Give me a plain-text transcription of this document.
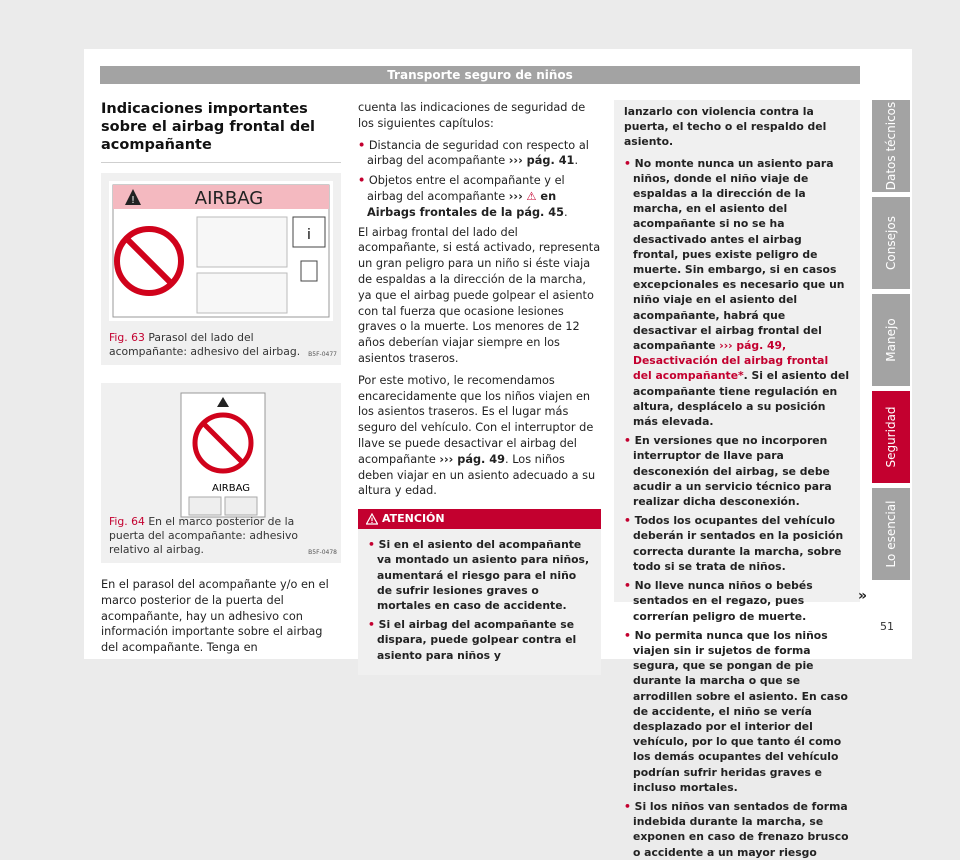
Transporte seguro de niños
Indicaciones importantes sobre el airbag frontal del acompañante
!	AIRBAG
i
B5F-0477
Fig. 63 Parasol del lado del acompañante: adhesivo del airbag.
AIRBAG
B5F-0478
Fig. 64 En el marco posterior de la puerta del acompañante: adhesivo relativo al airbag.

En el parasol del acompañante y/o en el marco posterior de la puerta del acompañante, hay un adhesivo con información importante sobre el airbag del acompañante. Tenga en

cuenta las indicaciones de seguridad de los siguientes capítulos:

• Distancia de seguridad con respecto al airbag del acompañante ››› pág. 41.
• Objetos entre el acompañante y el airbag del acompañante ››› ⚠ en Airbags frontales de la pág. 45.

El airbag frontal del lado del acompañante, si está activado, representa un gran peligro para un niño si éste viaja de espaldas a la dirección de la marcha, ya que el airbag puede golpear el asiento con tal fuerza que ocasione lesiones graves o la muerte. Los menores de 12 años deberían viajar siempre en los asientos traseros.

Por este motivo, le recomendamos encarecidamente que los niños viajen en los asientos traseros. Es el lugar más seguro del vehículo. Con el interruptor de llave se puede desactivar el airbag del acompañante ››› pág. 49. Los niños deben viajar en un asiento adecuado a su altura y edad.

ATENCIÓN
• Si en el asiento del acompañante va montado un asiento para niños, aumentará el riesgo para el niño de sufrir lesiones graves o mortales en caso de accidente.
• Si el airbag del acompañante se dispara, puede golpear contra el asiento para niños y

lanzarlo con violencia contra la puerta, el techo o el respaldo del asiento.

• No monte nunca un asiento para niños, donde el niño viaje de espaldas a la dirección de la marcha, en el asiento del acompañante si no se ha desactivado antes el airbag frontal, pues existe peligro de muerte. Sin embargo, si en casos excepcionales es necesario que un niño viaje en el asiento del acompañante, habrá que desactivar el airbag frontal del acompañante ››› pág. 49, Desactivación del airbag frontal del acompañante*. Si el asiento del acompañante tiene regulación en altura, desplácelo a su posición más elevada.
• En versiones que no incorporen interruptor de llave para desconexión del airbag, se debe acudir a un servicio técnico para realizar dicha desconexión.
• Todos los ocupantes del vehículo deberán ir sentados en la posición correcta durante la marcha, sobre todo si se trata de niños.
• No lleve nunca niños o bebés sentados en el regazo, pues correrían peligro de muerte.
• No permita nunca que los niños viajen sin ir sujetos de forma segura, que se pongan de pie durante la marcha o que se arrodillen sobre el asiento. En caso de accidente, el niño se vería desplazado por el interior del vehículo, por lo que tanto él como los demás ocupantes del vehículo podrían sufrir heridas graves e incluso mortales.
• Si los niños van sentados de forma indebida durante la marcha, se exponen en caso de frenazo brusco o accidente a un mayor riesgo
»
Datos técnicos
Consejos
Manejo
Seguridad
Lo esencial
51
